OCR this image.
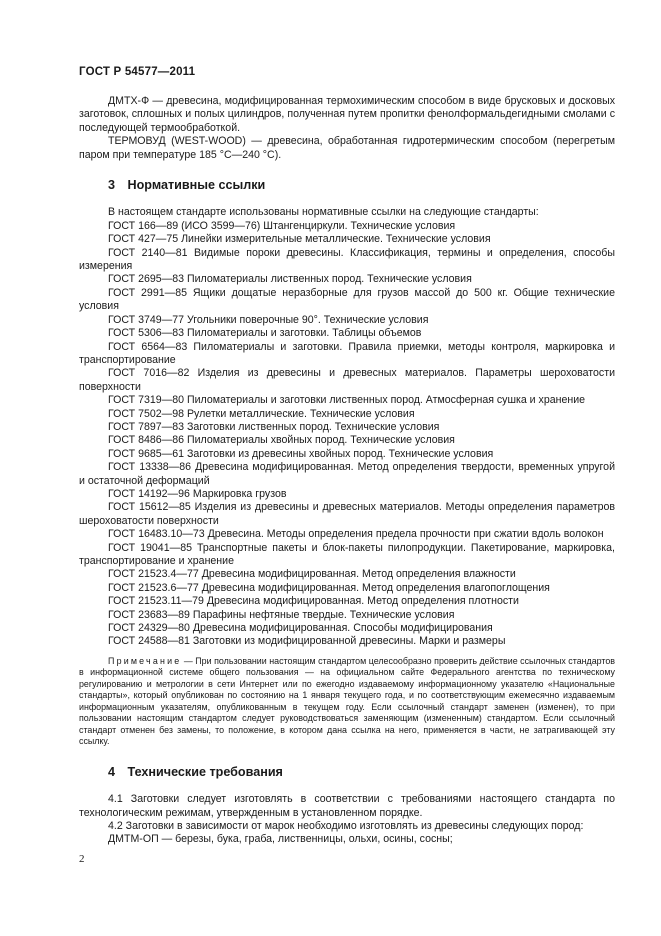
ГОСТ Р 54577—2011

ДМТХ-Ф — древесина, модифицированная термохимическим способом в виде брусковых и досковых заготовок, сплошных и полых цилиндров, полученная путем пропитки фенолформальдегидными смолами с последующей термообработкой.

ТЕРМОВУД (WEST-WOOD) — древесина, обработанная гидротермическим способом (перегретым паром при температуре 185 °С—240 °С).

3 Нормативные ссылки

В настоящем стандарте использованы нормативные ссылки на следующие стандарты:

ГОСТ 166—89 (ИСО 3599—76) Штангенциркули. Технические условия

ГОСТ 427—75 Линейки измерительные металлические. Технические условия

ГОСТ 2140—81 Видимые пороки древесины. Классификация, термины и определения, способы измерения

ГОСТ 2695—83 Пиломатериалы лиственных пород. Технические условия

ГОСТ 2991—85 Ящики дощатые неразборные для грузов массой до 500 кг. Общие технические условия

ГОСТ 3749—77 Угольники поверочные 90°. Технические условия

ГОСТ 5306—83 Пиломатериалы и заготовки. Таблицы объемов

ГОСТ 6564—83 Пиломатериалы и заготовки. Правила приемки, методы контроля, маркировка и транспортирование

ГОСТ 7016—82 Изделия из древесины и древесных материалов. Параметры шероховатости поверхности

ГОСТ 7319—80 Пиломатериалы и заготовки лиственных пород. Атмосферная сушка и хранение

ГОСТ 7502—98 Рулетки металлические. Технические условия

ГОСТ 7897—83 Заготовки лиственных пород. Технические условия

ГОСТ 8486—86 Пиломатериалы хвойных пород. Технические условия

ГОСТ 9685—61 Заготовки из древесины хвойных пород. Технические условия

ГОСТ 13338—86 Древесина модифицированная. Метод определения твердости, временных упругой и остаточной деформаций

ГОСТ 14192—96 Маркировка грузов

ГОСТ 15612—85 Изделия из древесины и древесных материалов. Методы определения параметров шероховатости поверхности

ГОСТ 16483.10—73 Древесина. Методы определения предела прочности при сжатии вдоль волокон

ГОСТ 19041—85 Транспортные пакеты и блок-пакеты пилопродукции. Пакетирование, маркировка, транспортирование и хранение

ГОСТ 21523.4—77 Древесина модифицированная. Метод определения влажности

ГОСТ 21523.6—77 Древесина модифицированная. Метод определения влагопоглощения

ГОСТ 21523.11—79 Древесина модифицированная. Метод определения плотности

ГОСТ 23683—89 Парафины нефтяные твердые. Технические условия

ГОСТ 24329—80 Древесина модифицированная. Способы модифицирования

ГОСТ 24588—81 Заготовки из модифицированной древесины. Марки и размеры

Примечание — При пользовании настоящим стандартом целесообразно проверить действие ссылочных стандартов в информационной системе общего пользования — на официальном сайте Федерального агентства по техническому регулированию и метрологии в сети Интернет или по ежегодно издаваемому информационному указателю «Национальные стандарты», который опубликован по состоянию на 1 января текущего года, и по соответствующим ежемесячно издаваемым информационным указателям, опубликованным в текущем году. Если ссылочный стандарт заменен (изменен), то при пользовании настоящим стандартом следует руководствоваться заменяющим (измененным) стандартом. Если ссылочный стандарт отменен без замены, то положение, в котором дана ссылка на него, применяется в части, не затрагивающей эту ссылку.

4 Технические требования

4.1 Заготовки следует изготовлять в соответствии с требованиями настоящего стандарта по технологическим режимам, утвержденным в установленном порядке.

4.2 Заготовки в зависимости от марок необходимо изготовлять из древесины следующих пород:

ДМТМ-ОП — березы, бука, граба, лиственницы, ольхи, осины, сосны;

2
